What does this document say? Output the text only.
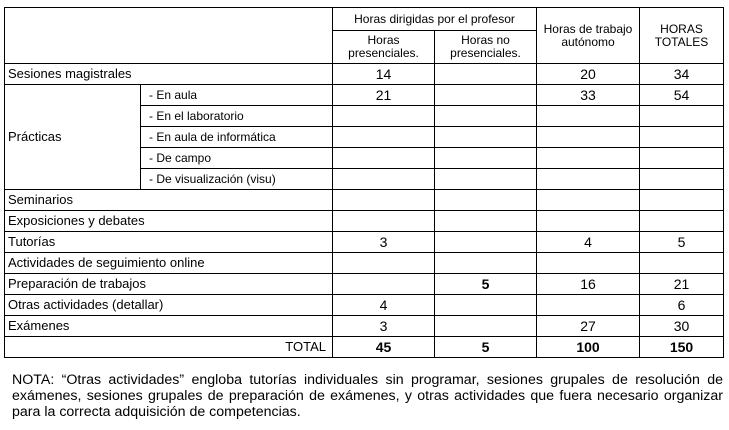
		Horas dirigidas por el profesor		Horas de trabajo autónomo	HORAS TOTALES
		Horas presenciales.	Horas no presenciales.		
Sesiones magistrales		14		20	34
Prácticas	- En aula	21		33	54
	- En el laboratorio				
	- En aula de informática				
	- De campo				
	- De visualización (visu)				
Seminarios					
Exposiciones y debates					
Tutorías		3		4	5
Actividades de seguimiento online					
Preparación de trabajos			5	16	21
Otras actividades (detallar)		4			6
Exámenes		3		27	30
TOTAL		45	5	100	150

NOTA: “Otras actividades” engloba tutorías individuales sin programar, sesiones grupales de resolución de exámenes, sesiones grupales de preparación de exámenes, y otras actividades que fuera necesario organizar para la correcta adquisición de competencias.
